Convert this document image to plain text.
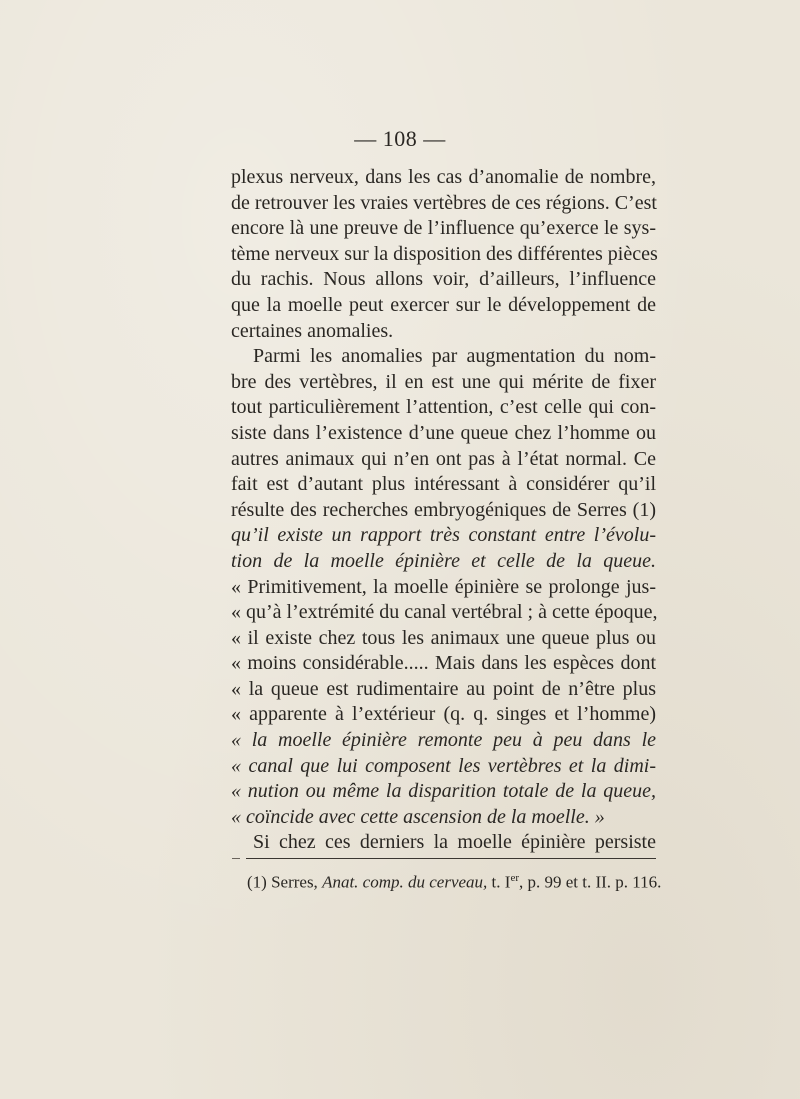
— 108 —
plexus nerveux, dans les cas d’anomalie de nombre,
de retrouver les vraies vertèbres de ces régions. C’est
encore là une preuve de l’influence qu’exerce le sys-
tème nerveux sur la disposition des différentes pièces
du rachis. Nous allons voir, d’ailleurs, l’influence
que la moelle peut exercer sur le développement de
certaines anomalies.
Parmi les anomalies par augmentation du nom-
bre des vertèbres, il en est une qui mérite de fixer
tout particulièrement l’attention, c’est celle qui con-
siste dans l’existence d’une queue chez l’homme ou
autres animaux qui n’en ont pas à l’état normal. Ce
fait est d’autant plus intéressant à considérer qu’il
résulte des recherches embryogéniques de Serres (1)
qu’il existe un rapport très constant entre l’évolu-
tion de la moelle épinière et celle de la queue.
« Primitivement, la moelle épinière se prolonge jus-
« qu’à l’extrémité du canal vertébral ; à cette époque,
« il existe chez tous les animaux une queue plus ou
« moins considérable..... Mais dans les espèces dont
« la queue est rudimentaire au point de n’être plus
« apparente à l’extérieur (q. q. singes et l’homme)
« la moelle épinière remonte peu à peu dans le
« canal que lui composent les vertèbres et la dimi-
« nution ou même la disparition totale de la queue,
« coïncide avec cette ascension de la moelle. »
Si chez ces derniers la moelle épinière persiste
(1) Serres, Anat. comp. du cerveau, t. Ier, p. 99 et t. II. p. 116.
